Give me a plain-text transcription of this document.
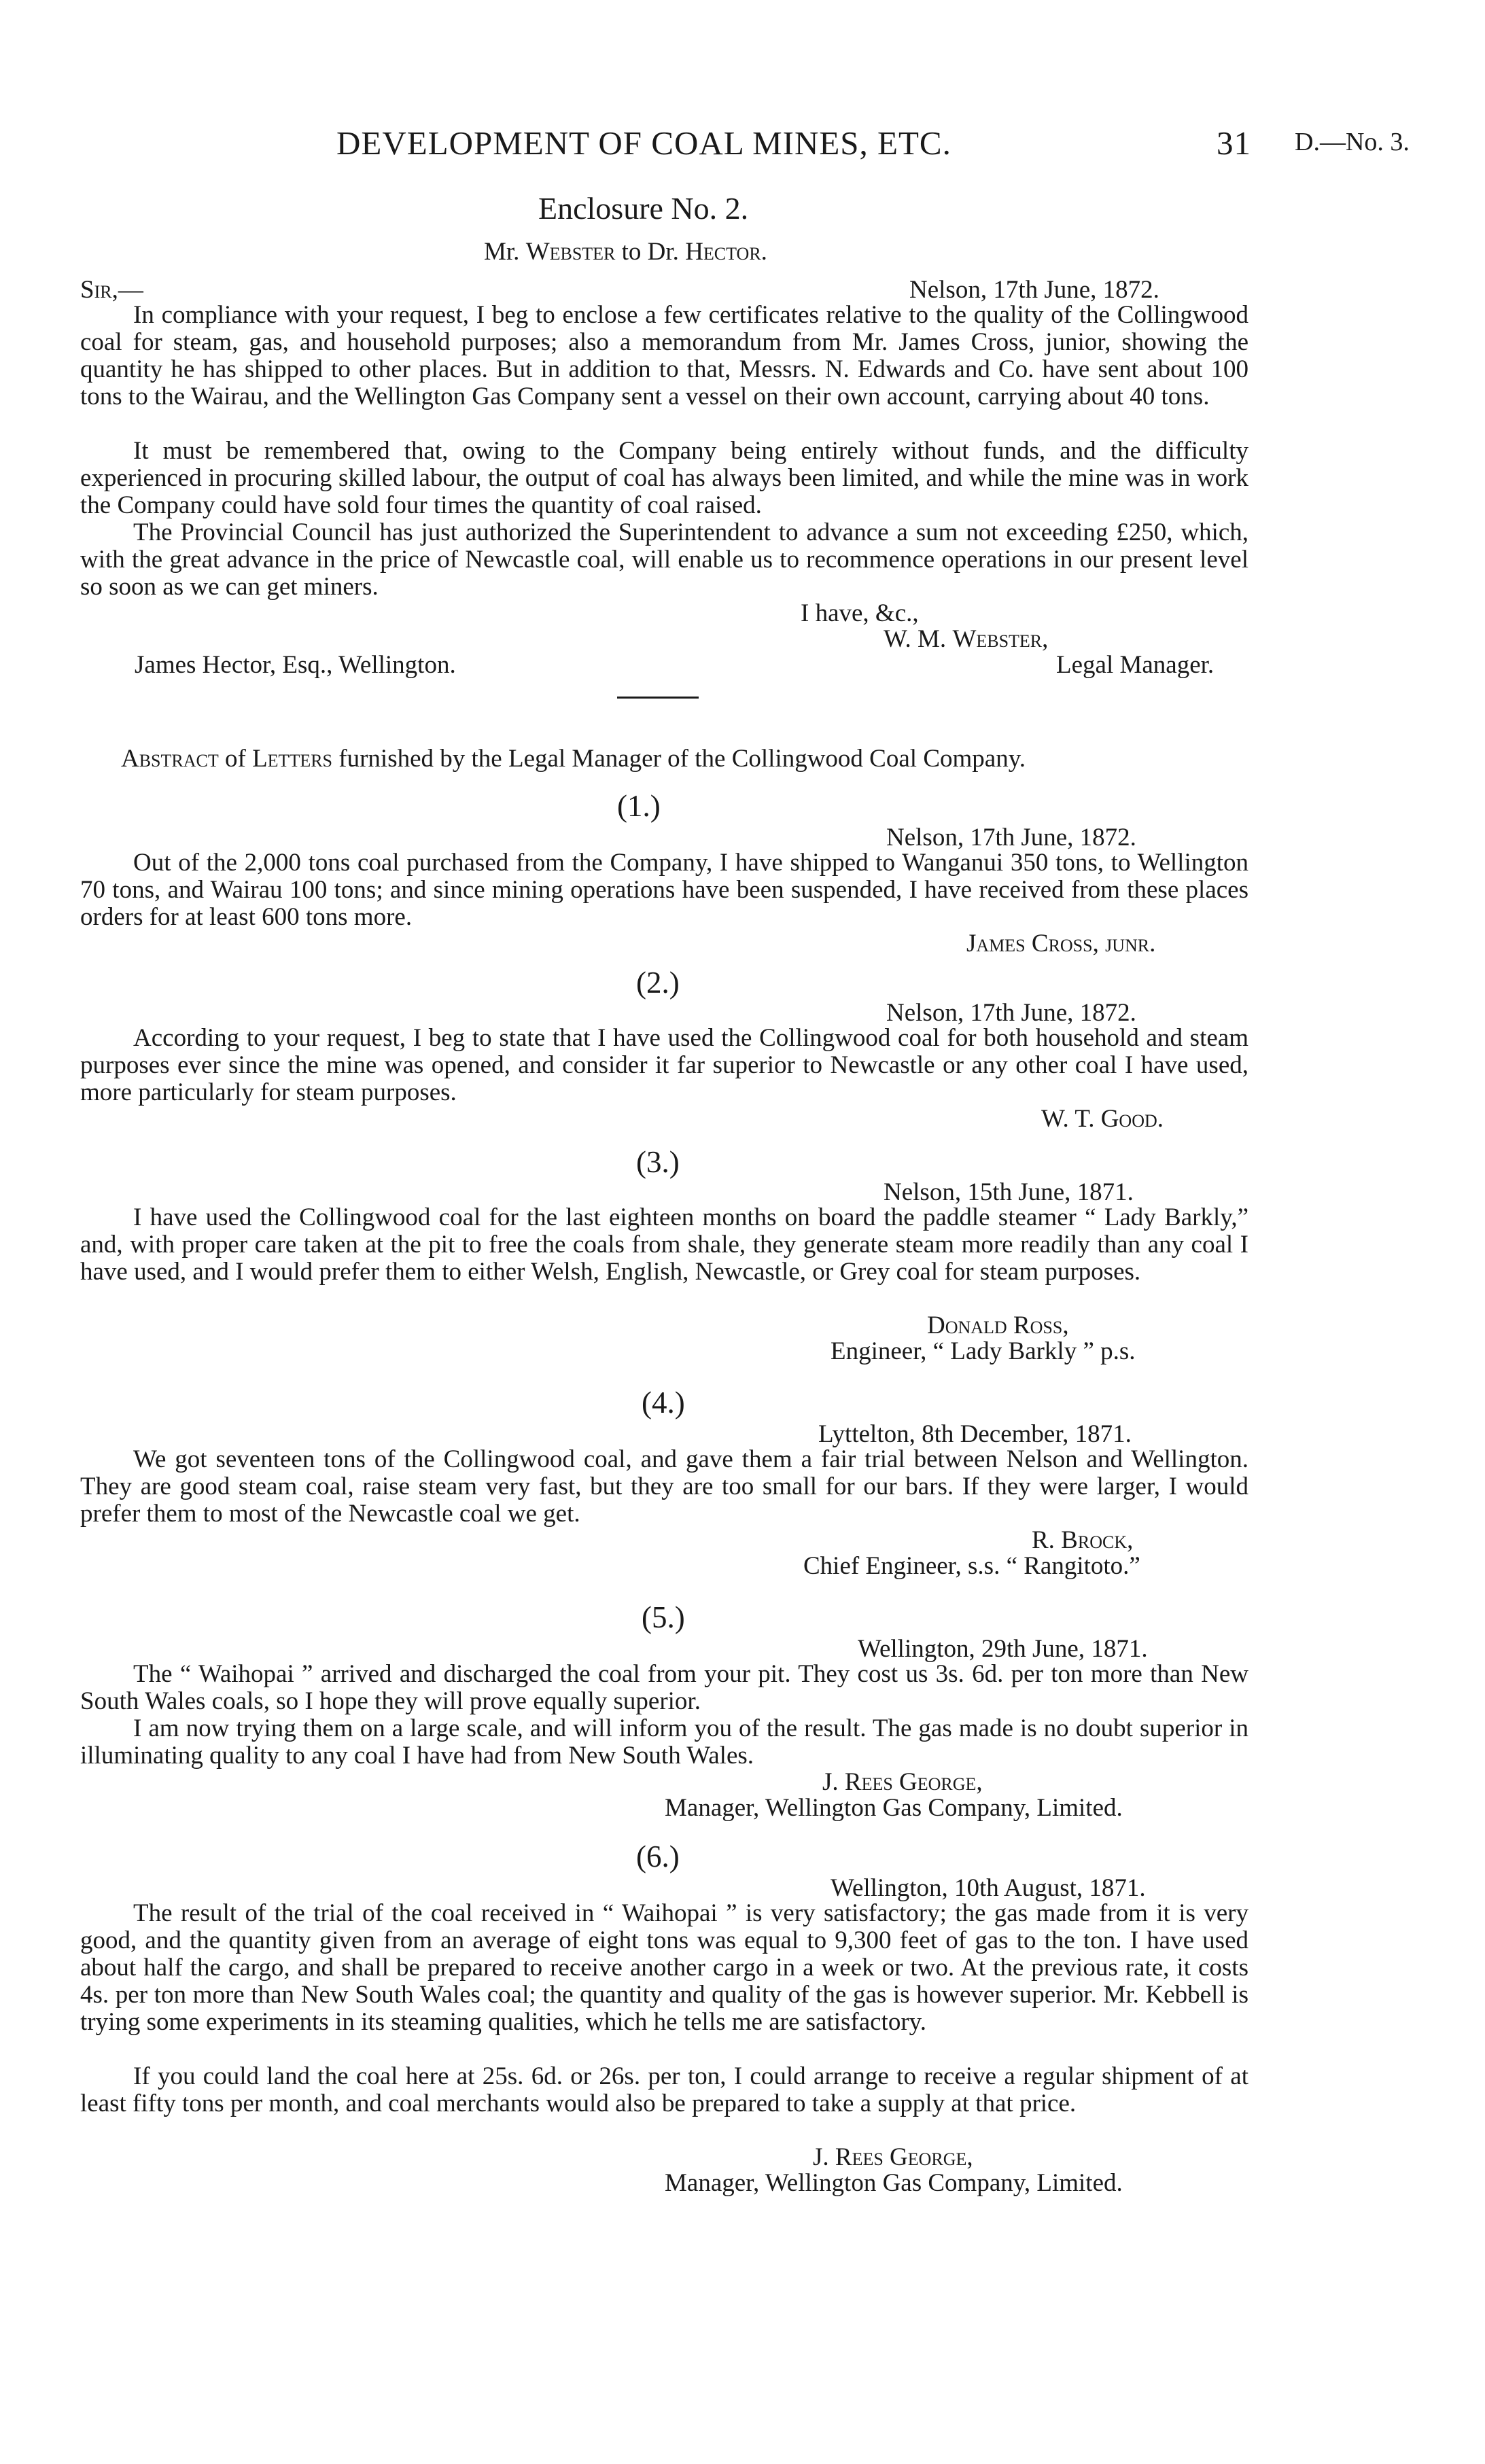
DEVELOPMENT OF COAL MINES, ETC.	31 D.—No. 3.
Enclosure No. 2.
Mr. Webster to Dr. Hector.
Sir,—	Nelson, 17th June, 1872.
In compliance with your request, I beg to enclose a few certificates relative to the quality of the Collingwood coal for steam, gas, and household purposes; also a memorandum from Mr. James Cross, junior, showing the quantity he has shipped to other places. But in addition to that, Messrs. N. Edwards and Co. have sent about 100 tons to the Wairau, and the Wellington Gas Company sent a vessel on their own account, carrying about 40 tons.
It must be remembered that, owing to the Company being entirely without funds, and the difficulty experienced in procuring skilled labour, the output of coal has always been limited, and while the mine was in work the Company could have sold four times the quantity of coal raised.
The Provincial Council has just authorized the Superintendent to advance a sum not exceeding £250, which, with the great advance in the price of Newcastle coal, will enable us to recommence operations in our present level so soon as we can get miners.
I have, &c.,
W. M. Webster,
James Hector, Esq., Wellington.	Legal Manager.
Abstract of Letters furnished by the Legal Manager of the Collingwood Coal Company.
(1.)
Nelson, 17th June, 1872.
Out of the 2,000 tons coal purchased from the Company, I have shipped to Wanganui 350 tons, to Wellington 70 tons, and Wairau 100 tons; and since mining operations have been suspended, I have received from these places orders for at least 600 tons more.
James Cross, junr.
(2.)
Nelson, 17th June, 1872.
According to your request, I beg to state that I have used the Collingwood coal for both household and steam purposes ever since the mine was opened, and consider it far superior to Newcastle or any other coal I have used, more particularly for steam purposes.
W. T. Good.
(3.)
Nelson, 15th June, 1871.
I have used the Collingwood coal for the last eighteen months on board the paddle steamer “ Lady Barkly,” and, with proper care taken at the pit to free the coals from shale, they generate steam more readily than any coal I have used, and I would prefer them to either Welsh, English, Newcastle, or Grey coal for steam purposes.
Donald Ross,
Engineer, “ Lady Barkly ” p.s.
(4.)
Lyttelton, 8th December, 1871.
We got seventeen tons of the Collingwood coal, and gave them a fair trial between Nelson and Wellington. They are good steam coal, raise steam very fast, but they are too small for our bars. If they were larger, I would prefer them to most of the Newcastle coal we get.
R. Brock,
Chief Engineer, s.s. “ Rangitoto.”
(5.)
Wellington, 29th June, 1871.
The “ Waihopai ” arrived and discharged the coal from your pit. They cost us 3s. 6d. per ton more than New South Wales coals, so I hope they will prove equally superior.
I am now trying them on a large scale, and will inform you of the result. The gas made is no doubt superior in illuminating quality to any coal I have had from New South Wales.
J. Rees George,
Manager, Wellington Gas Company, Limited.
(6.)
Wellington, 10th August, 1871.
The result of the trial of the coal received in “ Waihopai ” is very satisfactory; the gas made from it is very good, and the quantity given from an average of eight tons was equal to 9,300 feet of gas to the ton. I have used about half the cargo, and shall be prepared to receive another cargo in a week or two. At the previous rate, it costs 4s. per ton more than New South Wales coal; the quantity and quality of the gas is however superior. Mr. Kebbell is trying some experiments in its steaming qualities, which he tells me are satisfactory.
If you could land the coal here at 25s. 6d. or 26s. per ton, I could arrange to receive a regular shipment of at least fifty tons per month, and coal merchants would also be prepared to take a supply at that price.
J. Rees George,
Manager, Wellington Gas Company, Limited.
